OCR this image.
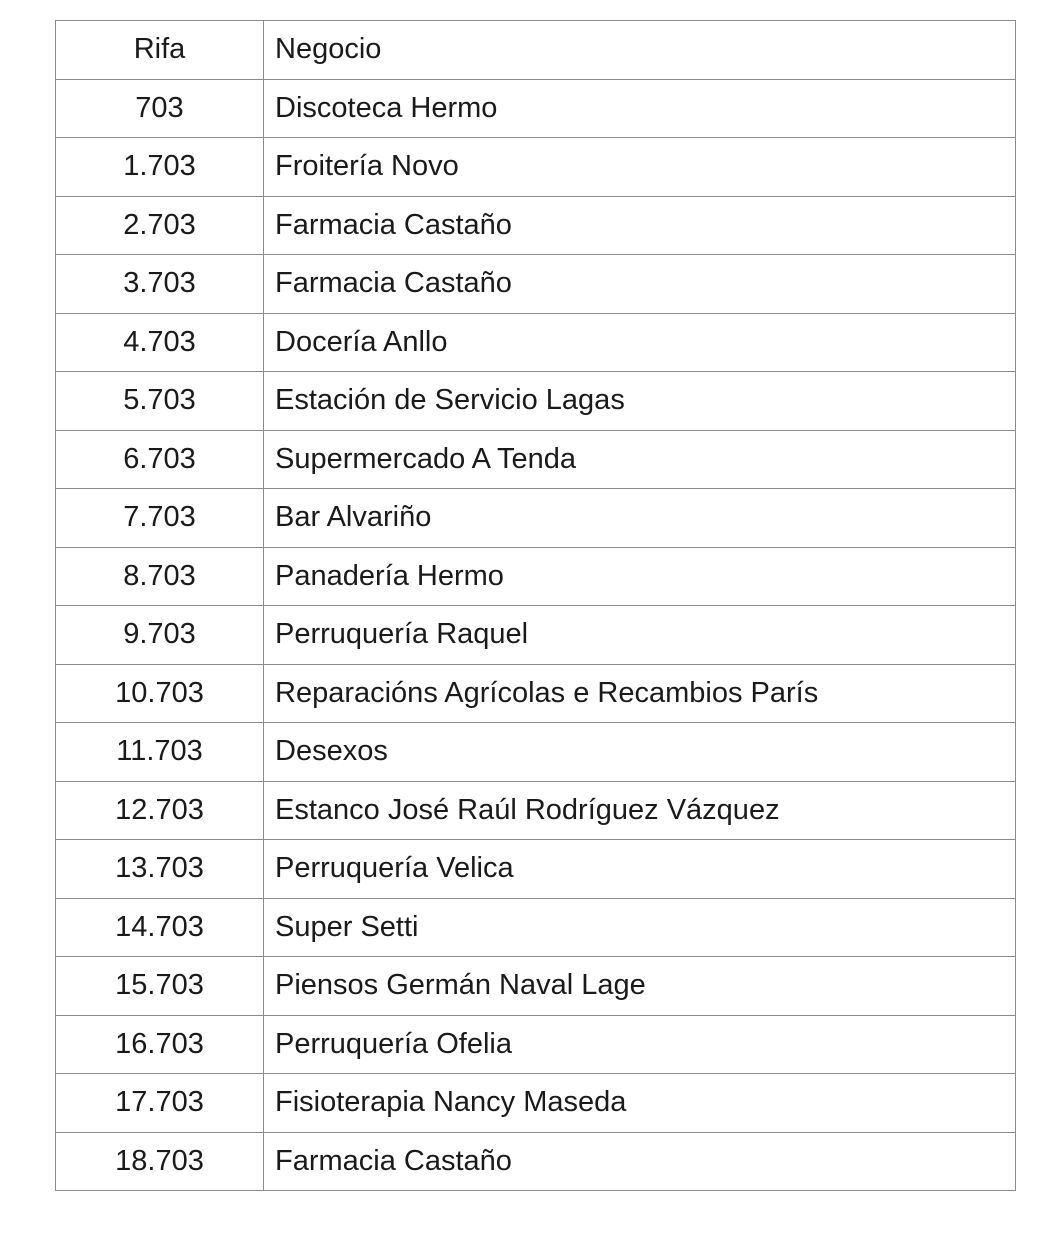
Rifa	Negocio
703	Discoteca Hermo
1.703	Froitería Novo
2.703	Farmacia Castaño
3.703	Farmacia Castaño
4.703	Docería Anllo
5.703	Estación de Servicio Lagas
6.703	Supermercado A Tenda
7.703	Bar Alvariño
8.703	Panadería Hermo
9.703	Perruquería Raquel
10.703	Reparacións Agrícolas e Recambios París
11.703	Desexos
12.703	Estanco José Raúl Rodríguez Vázquez
13.703	Perruquería Velica
14.703	Super Setti
15.703	Piensos Germán Naval Lage
16.703	Perruquería Ofelia
17.703	Fisioterapia Nancy Maseda
18.703	Farmacia Castaño
